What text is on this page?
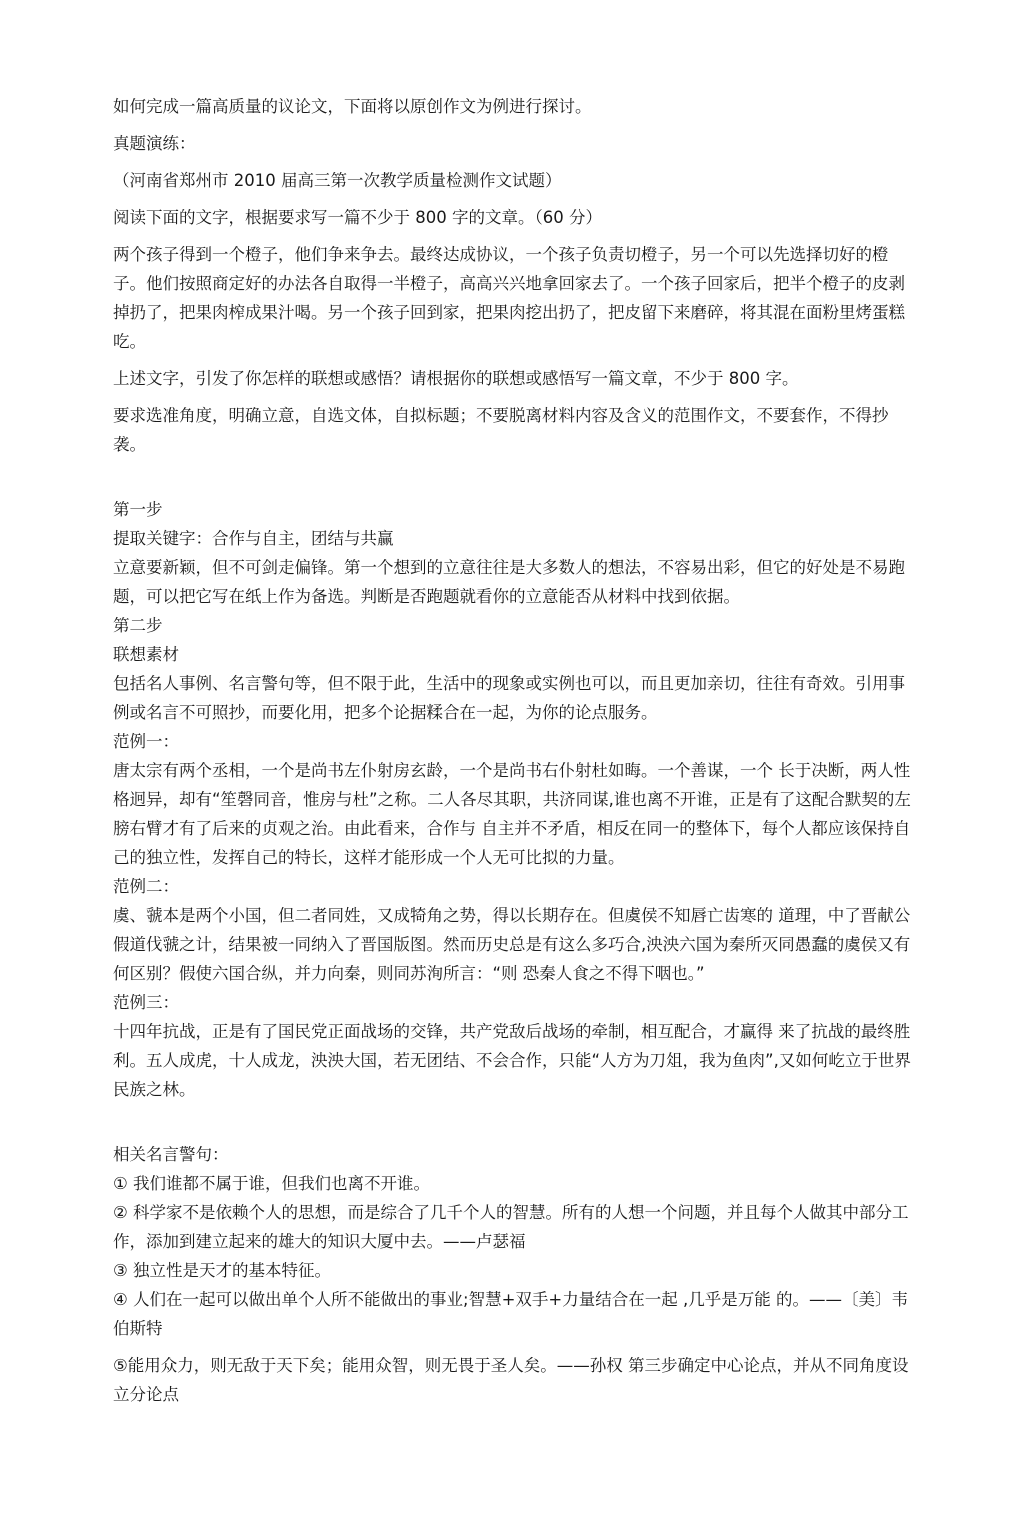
如何完成一篇高质量的议论文，下面将以原创作文为例进行探讨。

真题演练：

（河南省郑州市 2010 届高三第一次教学质量检测作文试题）

阅读下面的文字，根据要求写一篇不少于 800 字的文章。（60 分）

两个孩子得到一个橙子，他们争来争去。最终达成协议，一个孩子负责切橙子，另一个可以先选择切好的橙子。他们按照商定好的办法各自取得一半橙子，高高兴兴地拿回家去了。一个孩子回家后，把半个橙子的皮剥掉扔了，把果肉榨成果汁喝。另一个孩子回到家，把果肉挖出扔了，把皮留下来磨碎，将其混在面粉里烤蛋糕吃。

上述文字，引发了你怎样的联想或感悟？请根据你的联想或感悟写一篇文章，不少于 800 字。

要求选准角度，明确立意，自选文体，自拟标题；不要脱离材料内容及含义的范围作文，不要套作，不得抄袭。

第一步

提取关键字：合作与自主，团结与共赢

立意要新颖，但不可剑走偏锋。第一个想到的立意往往是大多数人的想法，不容易出彩，但它的好处是不易跑题，可以把它写在纸上作为备选。判断是否跑题就看你的立意能否从材料中找到依据。

第二步

联想素材

包括名人事例、名言警句等，但不限于此，生活中的现象或实例也可以，而且更加亲切，往往有奇效。引用事例或名言不可照抄，而要化用，把多个论据糅合在一起，为你的论点服务。

范例一：

唐太宗有两个丞相，一个是尚书左仆射房玄龄，一个是尚书右仆射杜如晦。一个善谋，一个 长于决断，两人性格迥异，却有“笙磬同音，惟房与杜”之称。二人各尽其职，共济同谋,谁也离不开谁，正是有了这配合默契的左膀右臂才有了后来的贞观之治。由此看来，合作与 自主并不矛盾，相反在同一的整体下，每个人都应该保持自己的独立性，发挥自己的特长，这样才能形成一个人无可比拟的力量。

范例二：

虞、虢本是两个小国，但二者同姓，又成犄角之势，得以长期存在。但虞侯不知唇亡齿寒的 道理，中了晋献公假道伐虢之计，结果被一同纳入了晋国版图。然而历史总是有这么多巧合,泱泱六国为秦所灭同愚蠢的虞侯又有何区别？假使六国合纵，并力向秦，则同苏洵所言：“则 恐秦人食之不得下咽也。”

范例三：

十四年抗战，正是有了国民党正面战场的交锋，共产党敌后战场的牵制，相互配合，才赢得 来了抗战的最终胜利。五人成虎，十人成龙，泱泱大国，若无团结、不会合作，只能“人方为刀俎，我为鱼肉”,又如何屹立于世界民族之林。

相关名言警句：

① 我们谁都不属于谁，但我们也离不开谁。

② 科学家不是依赖个人的思想，而是综合了几千个人的智慧。所有的人想一个问题，并且每个人做其中部分工作，添加到建立起来的雄大的知识大厦中去。——卢瑟福

③ 独立性是天才的基本特征。

④ 人们在一起可以做出单个人所不能做出的事业;智慧+双手+力量结合在一起 ,几乎是万能 的。——〔美〕韦伯斯特

⑤能用众力，则无敌于天下矣；能用众智，则无畏于圣人矣。——孙权 第三步确定中心论点，并从不同角度设立分论点
